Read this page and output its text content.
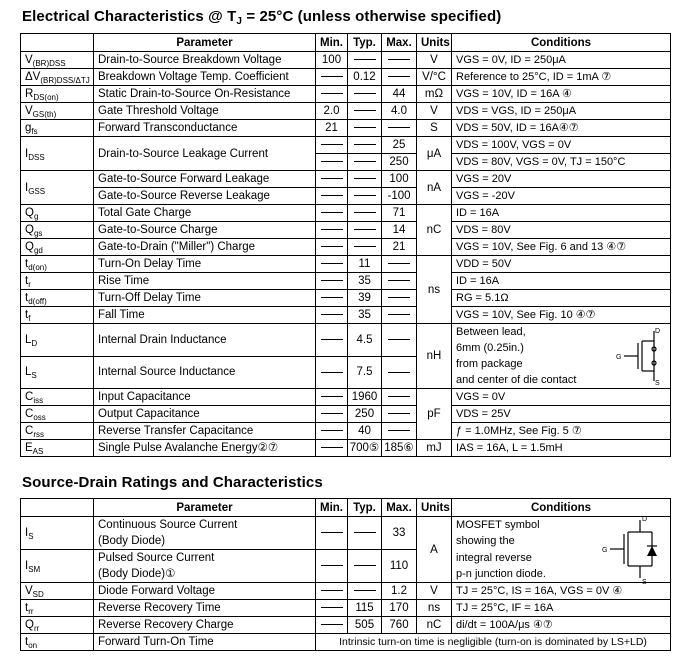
Electrical Characteristics @ $T_J = 25^\circ C$ (unless otherwise specified)
	Parameter	Min.	Typ.	Max.	Units	Conditions
$V_{(BR)DSS}$	Drain-to-Source Breakdown Voltage	100			V	VGS = 0V, ID = 250μA
$\Delta V_{(BR)DSS/\Delta TJ}$	Breakdown Voltage Temp. Coefficient		0.12		V/°C	Reference to 25°C, ID = 1mA ⑦
$R_{DS(on)}$	Static Drain-to-Source On-Resistance			44	mΩ	VGS = 10V, ID = 16A ④
$V_{GS(th)}$	Gate Threshold Voltage	2.0		4.0	V	VDS = VGS, ID = 250μA
$g_{fs}$	Forward Transconductance	21			S	VDS = 50V, ID = 16A④⑦
$I_{DSS}$	Drain-to-Source Leakage Current			25	μA	VDS = 100V, VGS = 0V
				250		VDS = 80V, VGS = 0V, TJ = 150°C
$I_{GSS}$	Gate-to-Source Forward Leakage			100	nA	VGS = 20V
	Gate-to-Source Reverse Leakage			-100		VGS = -20V
$Q_g$	Total Gate Charge			71	nC	ID = 16A
$Q_{gs}$	Gate-to-Source Charge			14		VDS = 80V
$Q_{gd}$	Gate-to-Drain ("Miller") Charge			21		VGS = 10V, See Fig. 6 and 13 ④⑦
$t_{d(on)}$	Turn-On Delay Time		11		ns	VDD = 50V
$t_r$	Rise Time		35			ID = 16A
$t_{d(off)}$	Turn-Off Delay Time		39			RG = 5.1Ω
$t_f$	Fall Time		35			VGS = 10V, See Fig. 10 ④⑦
$L_D$	Internal Drain Inductance		4.5		nH	Between lead,
						6mm (0.25in.)
$L_S$	Internal Source Inductance		7.5			from package
						and center of die contact
$C_{iss}$	Input Capacitance		1960		pF	VGS = 0V
$C_{oss}$	Output Capacitance		250			VDS = 25V
$C_{rss}$	Reverse Transfer Capacitance		40			ƒ = 1.0MHz, See Fig. 5 ⑦
$E_{AS}$	Single Pulse Avalanche Energy②⑦		700⑤	185⑥	mJ	IAS = 16A, L = 1.5mH
Source-Drain Ratings and Characteristics
	Parameter	Min.	Typ.	Max.	Units	Conditions
$I_S$	Continuous Source Current			33	A	MOSFET symbol
	(Body Diode)					showing the
$I_{SM}$	Pulsed Source Current			110		integral reverse
	(Body Diode)①					p-n junction diode.
$V_{SD}$	Diode Forward Voltage			1.2	V	TJ = 25°C, IS = 16A, VGS = 0V ④
$t_{rr}$	Reverse Recovery Time		115	170	ns	TJ = 25°C, IF = 16A
$Q_{rr}$	Reverse Recovery Charge		505	760	nC	di/dt = 100A/μs ④⑦
$t_{on}$	Forward Turn-On Time	Intrinsic turn-on time is negligible (turn-on is dominated by LS+LD)				
D
G
S
D
G
S
